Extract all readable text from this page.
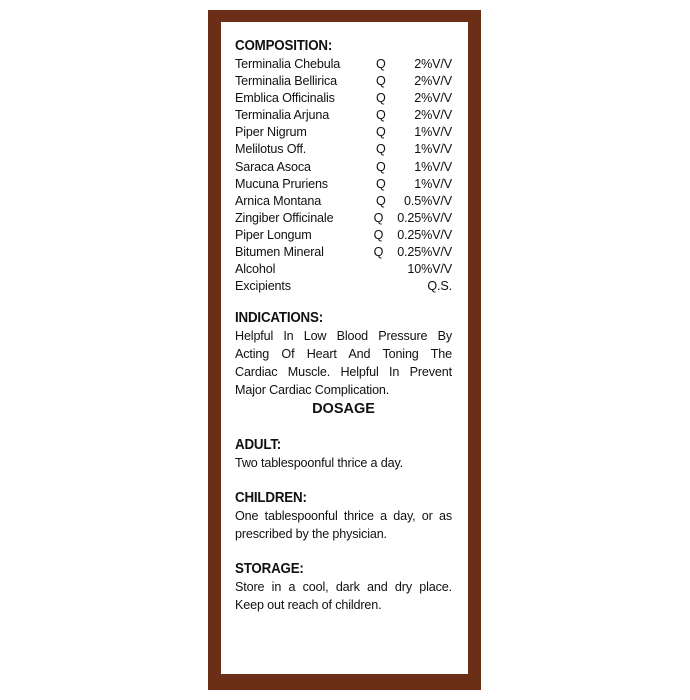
COMPOSITION:
Terminalia Chebula	Q	2%V/V
Terminalia Bellirica	Q	2%V/V
Emblica Officinalis	Q	2%V/V
Terminalia Arjuna	Q	2%V/V
Piper Nigrum	Q	1%V/V
Melilotus Off.	Q	1%V/V
Saraca Asoca	Q	1%V/V
Mucuna Pruriens	Q	1%V/V
Arnica Montana	Q	0.5%V/V
Zingiber Officinale	Q	0.25%V/V
Piper Longum	Q	0.25%V/V
Bitumen Mineral	Q	0.25%V/V
Alcohol	10%V/V
Excipients	Q.S.
INDICATIONS:
Helpful In Low Blood Pressure By Acting Of Heart And Toning The Cardiac Muscle. Helpful In Prevent Major Cardiac Complication.
DOSAGE
ADULT:
Two tablespoonful thrice a day.
CHILDREN:
One tablespoonful thrice a day, or as prescribed by the physician.
STORAGE:
Store in a cool, dark and dry place. Keep out reach of children.
